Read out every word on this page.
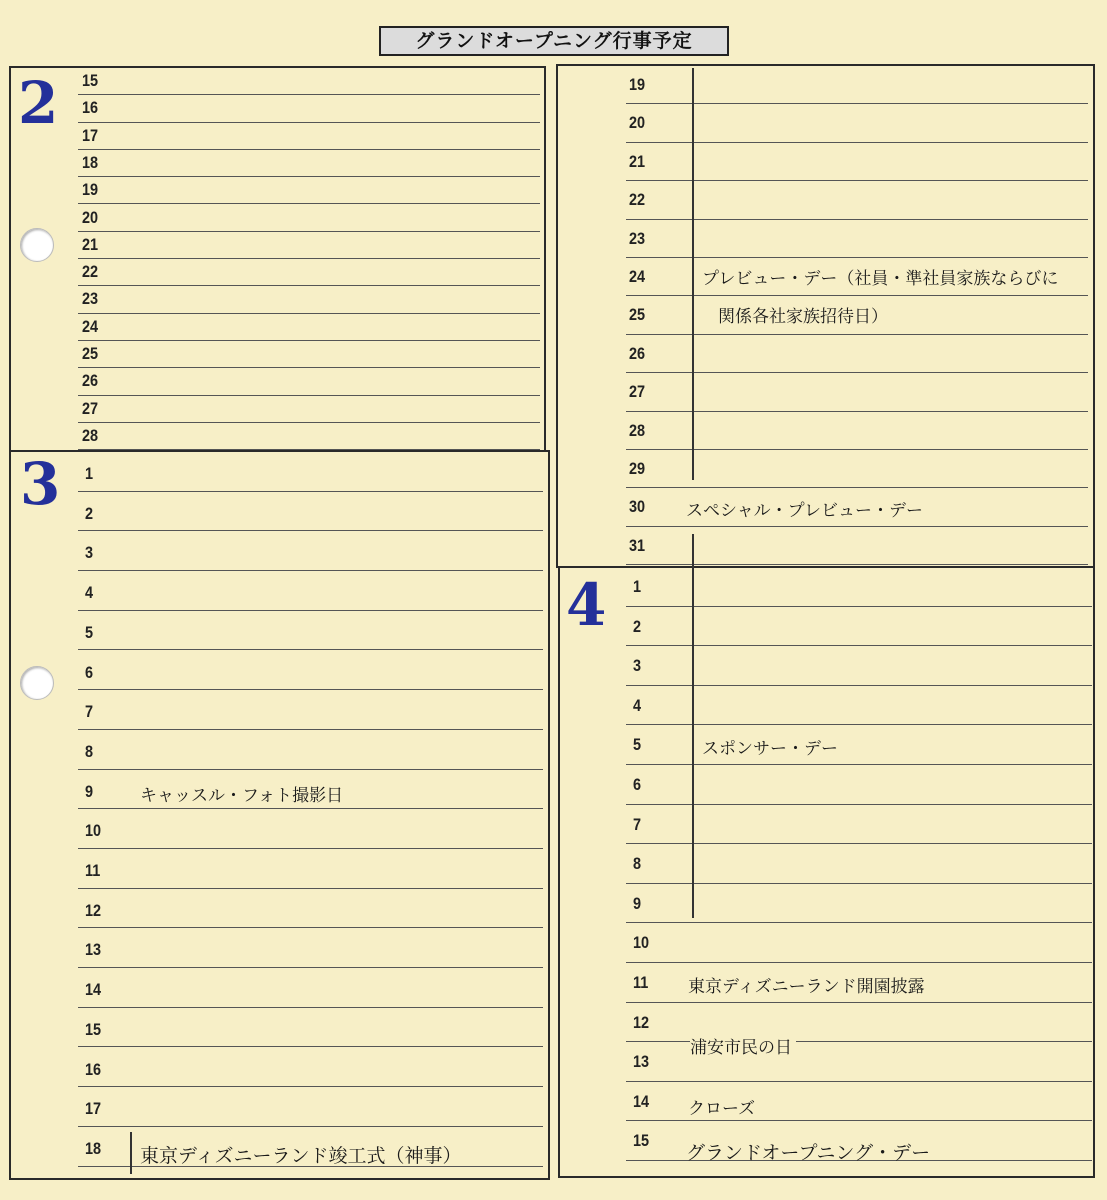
グランドオープニング行事予定
2 15
16
17
18
19
20
21
22
23
24
25
26
27
28
3 1
2
3
4
5
6
7
8
9
10
11
12
13
14
15
16
17
18
19
20
21
22
23
24
25
26
27
28
29
30
31
4 1
2
3
4
5
6
7
8
9
10
11
12
13
14
15
キャッスル・フォト撮影日
東京ディズニーランド竣工式（神事）
プレビュー・デー（社員・準社員家族ならびに
関係各社家族招待日）
スペシャル・プレビュー・デー
スポンサー・デー
東京ディズニーランド開園披露
浦安市民の日
クローズ
グランドオープニング・デー
